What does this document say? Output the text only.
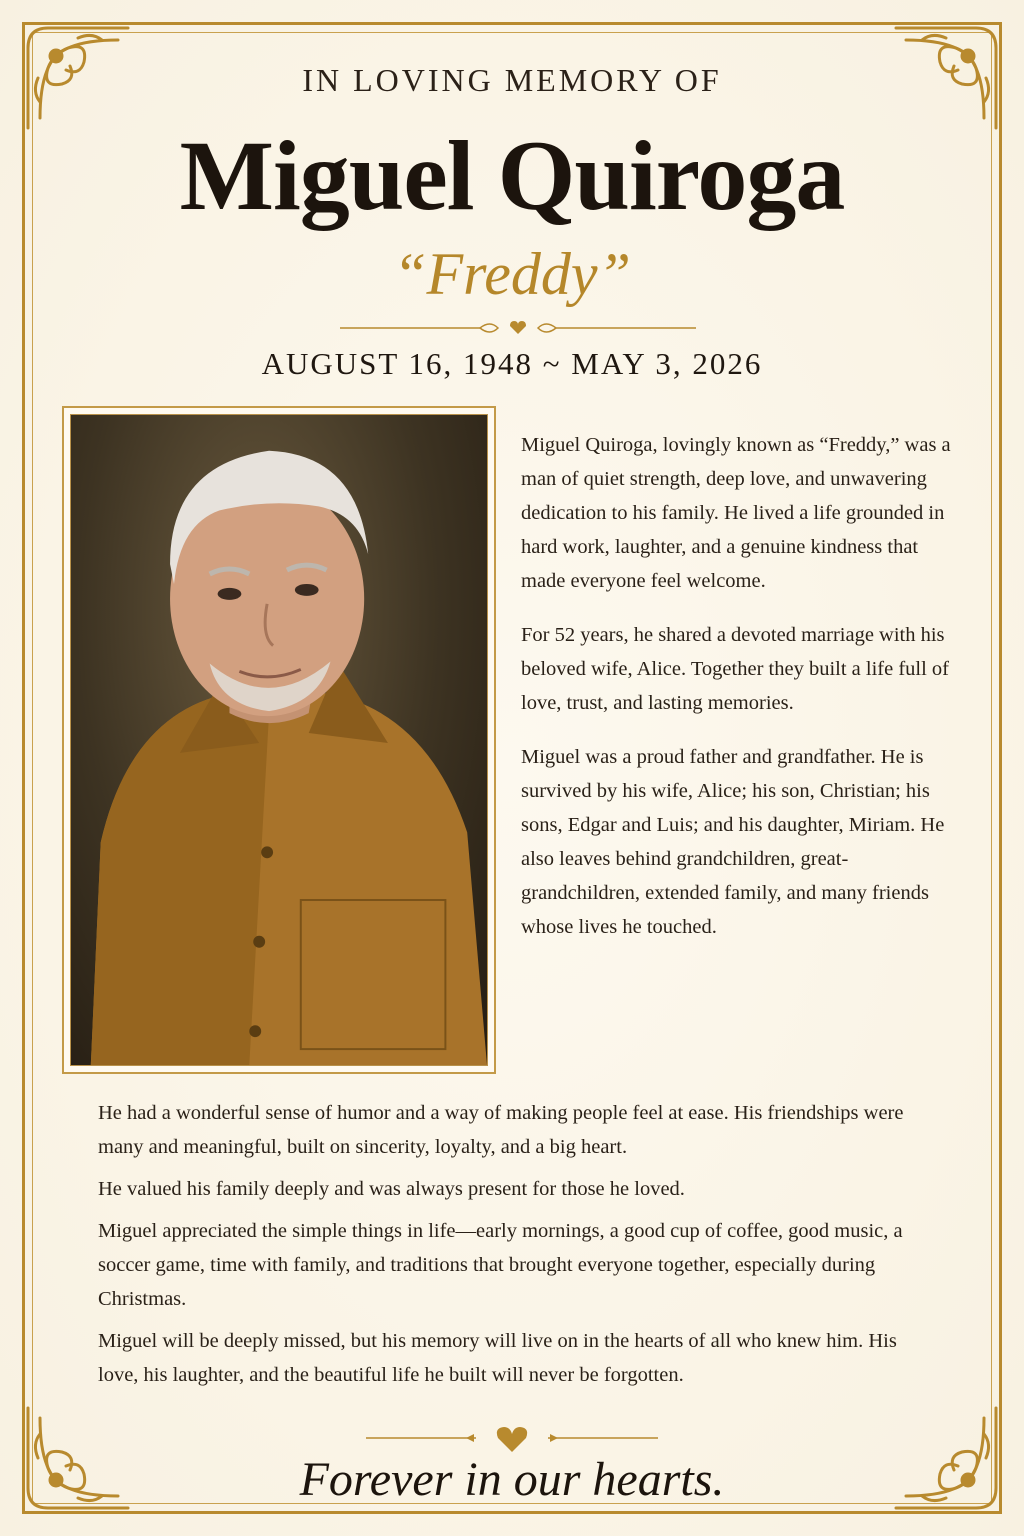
IN LOVING MEMORY OF
Miguel Quiroga
“Freddy”
AUGUST 16, 1948 ~ MAY 3, 2026

Miguel Quiroga, lovingly known as “Freddy,” was a man of quiet strength, deep love, and unwavering dedication to his family. He lived a life grounded in hard work, laughter, and a genuine kindness that made everyone feel welcome.

For 52 years, he shared a devoted marriage with his beloved wife, Alice. Together they built a life full of love, trust, and lasting memories.

Miguel was a proud father and grandfather. He is survived by his wife, Alice; his son, Christian; his sons, Edgar and Luis; and his daughter, Miriam. He also leaves behind grandchildren, great-grandchildren, extended family, and many friends whose lives he touched.

He had a wonderful sense of humor and a way of making people feel at ease. His friendships were many and meaningful, built on sincerity, loyalty, and a big heart.

He valued his family deeply and was always present for those he loved.

Miguel appreciated the simple things in life—early mornings, a good cup of coffee, good music, a soccer game, time with family, and traditions that brought everyone together, especially during Christmas.

Miguel will be deeply missed, but his memory will live on in the hearts of all who knew him. His love, his laughter, and the beautiful life he built will never be forgotten.

Forever in our hearts.
